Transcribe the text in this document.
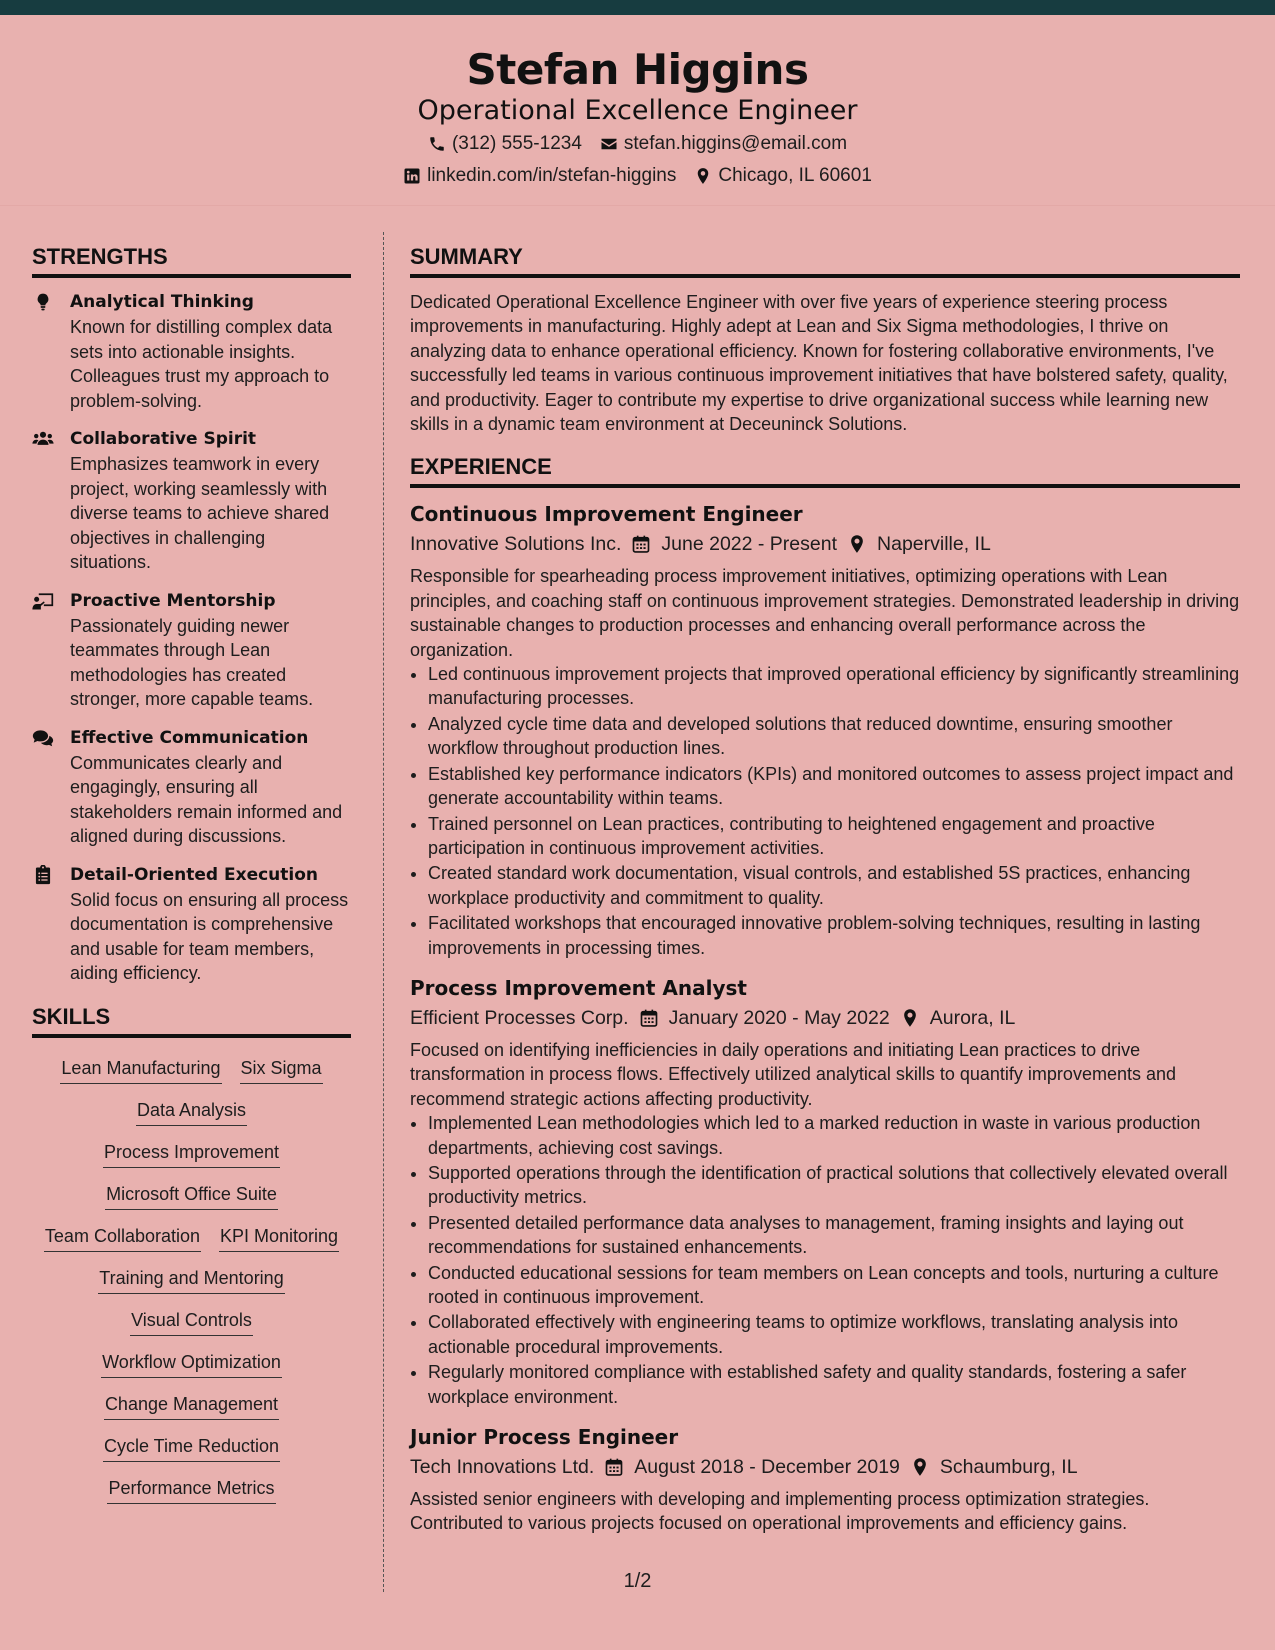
Stefan Higgins
Operational Excellence Engineer
(312) 555-1234 stefan.higgins@email.com
linkedin.com/in/stefan-higgins Chicago, IL 60601
STRENGTHS
Analytical Thinking
Known for distilling complex data sets into actionable insights. Colleagues trust my approach to problem-solving.
Collaborative Spirit
Emphasizes teamwork in every project, working seamlessly with diverse teams to achieve shared objectives in challenging situations.
Proactive Mentorship
Passionately guiding newer teammates through Lean methodologies has created stronger, more capable teams.
Effective Communication
Communicates clearly and engagingly, ensuring all stakeholders remain informed and aligned during discussions.
Detail-Oriented Execution
Solid focus on ensuring all process documentation is comprehensive and usable for team members, aiding efficiency.
SKILLS
Lean Manufacturing Six Sigma
Data Analysis
Process Improvement
Microsoft Office Suite
Team Collaboration KPI Monitoring
Training and Mentoring
Visual Controls
Workflow Optimization
Change Management
Cycle Time Reduction
Performance Metrics
SUMMARY
Dedicated Operational Excellence Engineer with over five years of experience steering process improvements in manufacturing. Highly adept at Lean and Six Sigma methodologies, I thrive on analyzing data to enhance operational efficiency. Known for fostering collaborative environments, I've successfully led teams in various continuous improvement initiatives that have bolstered safety, quality, and productivity. Eager to contribute my expertise to drive organizational success while learning new skills in a dynamic team environment at Deceuninck Solutions.
EXPERIENCE
Continuous Improvement Engineer
Innovative Solutions Inc. June 2022 - Present Naperville, IL
Responsible for spearheading process improvement initiatives, optimizing operations with Lean principles, and coaching staff on continuous improvement strategies. Demonstrated leadership in driving sustainable changes to production processes and enhancing overall performance across the organization.
• Led continuous improvement projects that improved operational efficiency by significantly streamlining manufacturing processes.
• Analyzed cycle time data and developed solutions that reduced downtime, ensuring smoother workflow throughout production lines.
• Established key performance indicators (KPIs) and monitored outcomes to assess project impact and generate accountability within teams.
• Trained personnel on Lean practices, contributing to heightened engagement and proactive participation in continuous improvement activities.
• Created standard work documentation, visual controls, and established 5S practices, enhancing workplace productivity and commitment to quality.
• Facilitated workshops that encouraged innovative problem-solving techniques, resulting in lasting improvements in processing times.
Process Improvement Analyst
Efficient Processes Corp. January 2020 - May 2022 Aurora, IL
Focused on identifying inefficiencies in daily operations and initiating Lean practices to drive transformation in process flows. Effectively utilized analytical skills to quantify improvements and recommend strategic actions affecting productivity.
• Implemented Lean methodologies which led to a marked reduction in waste in various production departments, achieving cost savings.
• Supported operations through the identification of practical solutions that collectively elevated overall productivity metrics.
• Presented detailed performance data analyses to management, framing insights and laying out recommendations for sustained enhancements.
• Conducted educational sessions for team members on Lean concepts and tools, nurturing a culture rooted in continuous improvement.
• Collaborated effectively with engineering teams to optimize workflows, translating analysis into actionable procedural improvements.
• Regularly monitored compliance with established safety and quality standards, fostering a safer workplace environment.
Junior Process Engineer
Tech Innovations Ltd. August 2018 - December 2019 Schaumburg, IL
Assisted senior engineers with developing and implementing process optimization strategies. Contributed to various projects focused on operational improvements and efficiency gains.
1/2
